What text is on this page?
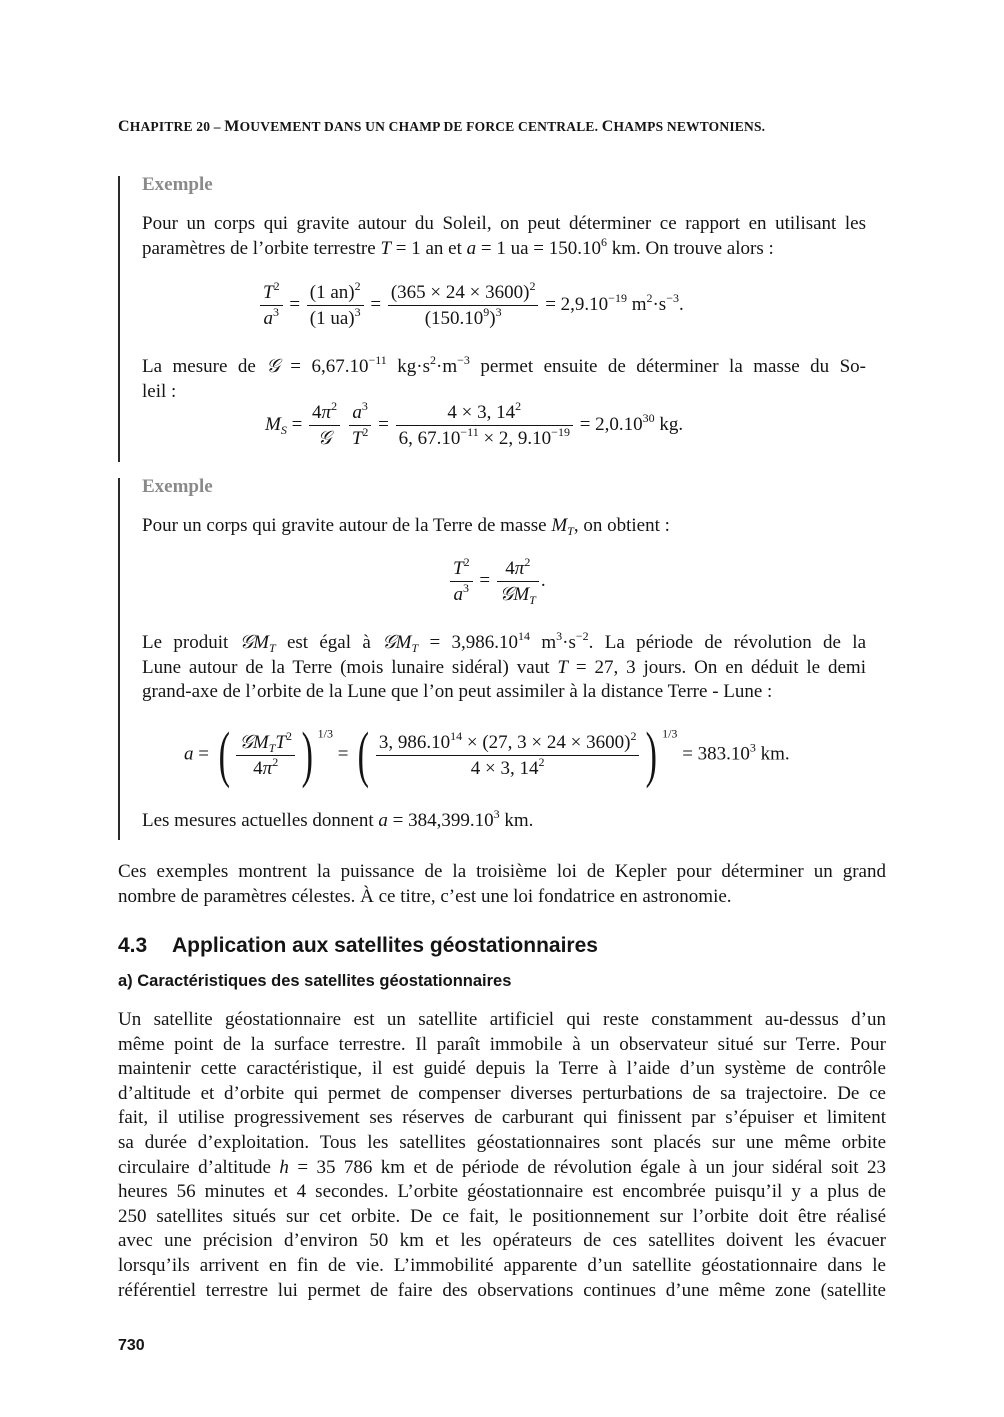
CHAPITRE 20 – MOUVEMENT DANS UN CHAMP DE FORCE CENTRALE. CHAMPS NEWTONIENS.
Exemple
Pour un corps qui gravite autour du Soleil, on peut déterminer ce rapport en utilisant les
paramètres de l’orbite terrestre T = 1 an et a = 1 ua = $150.10^6$ km. On trouve alors :
$\frac{T^2}{a^3} = \frac{(1 an)^2}{(1 ua)^3} = \frac{(365 \times 24 \times 3600)^2}{(150.10^9)^3} = 2,9.10^{-19}$ $m^2\cdot s^{-3}$.
La mesure de 𝒢 = $6,67.10^{-11}$ $kg\cdot s^2\cdot m^{-3}$ permet ensuite de déterminer la masse du So-
leil :
$M_S = \frac{4\pi^2}{\text{𝒢}}$
$\frac{a^3}{T^2} = \frac{4 \times 3, 14^2}{6, 67.10^{-11} \times 2, 9.10^{-19}} = 2,0.10^{30}$ kg.
Exemple
Pour un corps qui gravite autour de la Terre de masse $M_T$, on obtient :
$\frac{T^2}{a^3} = \frac{4\pi^2}{𝒢M_T}$ .
Le produit 𝒢M$_T$ est égal à 𝒢M$_T$ = $3,986.10^{14}$ $m^3\cdot s^{-2}$. La période de révolution de la
Lune autour de la Terre (mois lunaire sidéral) vaut T = 27, 3 jours. On en déduit le demi
grand-axe de l’orbite de la Lune que l’on peut assimiler à la distance Terre - Lune :
a = ( $\frac{𝒢M_TT^2}{4\pi^2}$ ) $^{1/3}$ = ( $\frac{3, 986.10^{14} \times (27, 3 \times 24 \times 3600)^2}{4 \times 3, 14^2}$ ) $^{1/3} = 383.10^3$ km.
Les mesures actuelles donnent $a = 384,399.10^3$ km.
Ces exemples montrent la puissance de la troisième loi de Kepler pour déterminer un grand
nombre de paramètres célestes. À ce titre, c’est une loi fondatrice en astronomie.
4.3 Application aux satellites géostationnaires
a) Caractéristiques des satellites géostationnaires
Un satellite géostationnaire est un satellite artificiel qui reste constamment au-dessus d’un
même point de la surface terrestre. Il paraît immobile à un observateur situé sur Terre. Pour
maintenir cette caractéristique, il est guidé depuis la Terre à l’aide d’un système de contrôle
d’altitude et d’orbite qui permet de compenser diverses perturbations de sa trajectoire. De ce
fait, il utilise progressivement ses réserves de carburant qui finissent par s’épuiser et limitent
sa durée d’exploitation. Tous les satellites géostationnaires sont placés sur une même orbite
circulaire d’altitude h = 35 786 km et de période de révolution égale à un jour sidéral soit 23
heures 56 minutes et 4 secondes. L’orbite géostationnaire est encombrée puisqu’il y a plus de
250 satellites situés sur cet orbite. De ce fait, le positionnement sur l’orbite doit être réalisé
avec une précision d’environ 50 km et les opérateurs de ces satellites doivent les évacuer
lorsqu’ils arrivent en fin de vie. L’immobilité apparente d’un satellite géostationnaire dans le
référentiel terrestre lui permet de faire des observations continues d’une même zone (satellite
730
